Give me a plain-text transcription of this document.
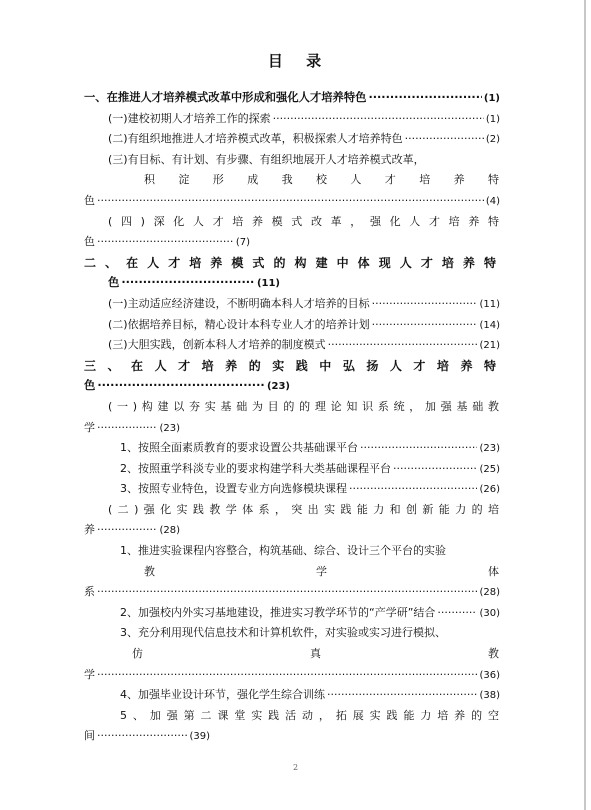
目 录
一、在推进人才培养模式改革中形成和强化人才培养特色 ·····	(1)
(一)建校初期人才培养工作的探索 ·····	(1)
(二)有组织地推进人才培养模式改革，积极探索人才培养特色 ·····	(2)
(三)有目标、有计划、有步骤、有组织地展开人才培养模式改革，
积淀形成我校人才培养特
色 ·····	(4)
(四)深化人才培养模式改革，强化人才培养特
色 ·····	(7)
二、在人才培养模式的构建中体现人才培养特
色 ·····	(11)
(一)主动适应经济建设，不断明确本科人才培养的目标 ·····	(11)
(二)依据培养目标，精心设计本科专业人才的培养计划 ·····	(14)
(三)大胆实践，创新本科人才培养的制度模式 ·····	(21)
三、在人才培养的实践中弘扬人才培养特
色 ·····	(23)
(一)构建以夯实基础为目的的理论知识系统，加强基础教
学 ·····	(23)
1、按照全面素质教育的要求设置公共基础课平台 ·····	(23)
2、按照重学科淡专业的要求构建学科大类基础课程平台 ·····	(25)
3、按照专业特色，设置专业方向选修模块课程 ·····	(26)
(二)强化实践教学体系，突出实践能力和创新能力的培
养 ·····	(28)
1、推进实验课程内容整合，构筑基础、综合、设计三个平台的实验
教学体
系 ·····	(28)
2、加强校内外实习基地建设，推进实习教学环节的“产学研”结合 ·····	(30)
3、充分利用现代信息技术和计算机软件，对实验或实习进行模拟、
仿真教
学 ·····	(36)
4、加强毕业设计环节，强化学生综合训练 ·····	(38)
5、加强第二课堂实践活动，拓展实践能力培养的空
间 ·····	(39)
2
